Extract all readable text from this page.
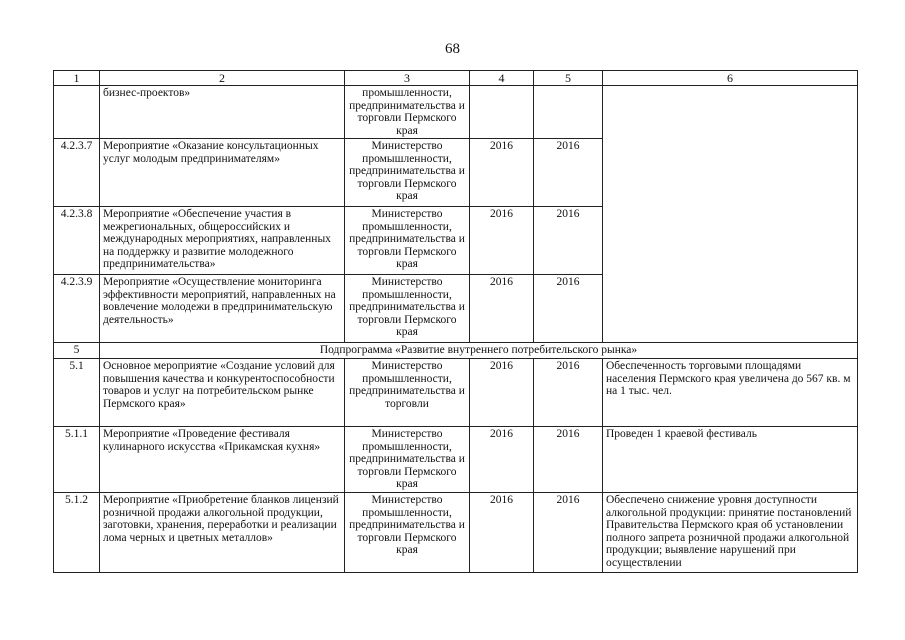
68
1	2	3	4	5	6
	бизнес-проектов»	промышленности, предпринимательства и торговли Пермского края			
4.2.3.7	Мероприятие «Оказание консультационных услуг молодым предпринимателям»	Министерство промышленности, предпринимательства и торговли Пермского края	2016	2016	
4.2.3.8	Мероприятие «Обеспечение участия в межрегиональных, общероссийских и международных мероприятиях, направленных на поддержку и развитие молодежного предпринимательства»	Министерство промышленности, предпринимательства и торговли Пермского края	2016	2016	
4.2.3.9	Мероприятие «Осуществление мониторинга эффективности мероприятий, направленных на вовлечение молодежи в предпринимательскую деятельность»	Министерство промышленности, предпринимательства и торговли Пермского края	2016	2016	
5	Подпрограмма «Развитие внутреннего потребительского рынка»				
5.1	Основное мероприятие «Создание условий для повышения качества и конкурентоспособности товаров и услуг на потребительском рынке Пермского края»	Министерство промышленности, предпринимательства и торговли	2016	2016	Обеспеченность торговыми площадями населения Пермского края увеличена до 567 кв. м на 1 тыс. чел.
5.1.1	Мероприятие «Проведение фестиваля кулинарного искусства «Прикамская кухня»	Министерство промышленности, предпринимательства и торговли Пермского края	2016	2016	Проведен 1 краевой фестиваль
5.1.2	Мероприятие «Приобретение бланков лицензий розничной продажи алкогольной продукции, заготовки, хранения, переработки и реализации лома черных и цветных металлов»	Министерство промышленности, предпринимательства и торговли Пермского края	2016	2016	Обеспечено снижение уровня доступности алкогольной продукции: принятие постановлений Правительства Пермского края об установлении полного запрета розничной продажи алкогольной продукции; выявление нарушений при осуществлении
